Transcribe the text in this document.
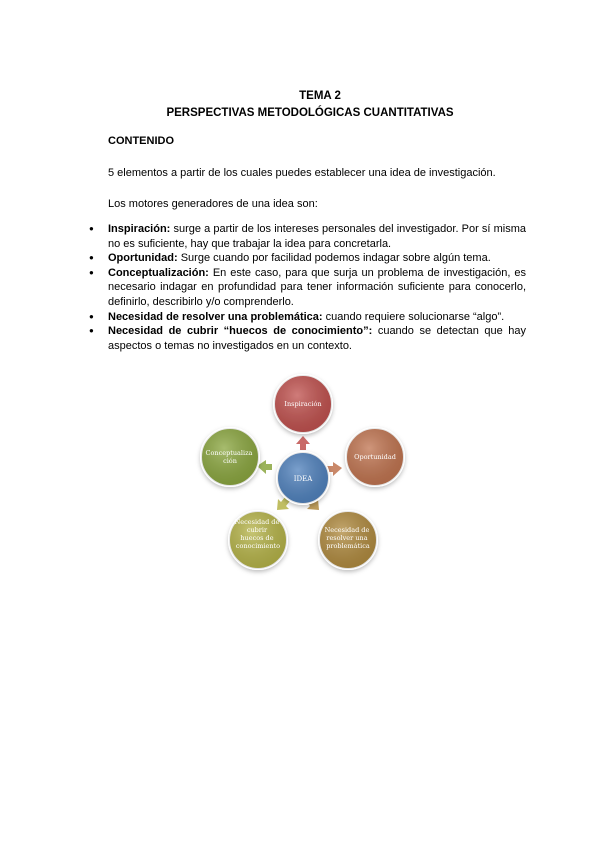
TEMA 2
PERSPECTIVAS METODOLÓGICAS CUANTITATIVAS
CONTENIDO
5 elementos a partir de los cuales puedes establecer una idea de investigación.
Los motores generadores de una idea son:
● Inspiración: surge a partir de los intereses personales del investigador. Por sí misma no es suficiente, hay que trabajar la idea para concretarla.
● Oportunidad: Surge cuando por facilidad podemos indagar sobre algún tema.
● Conceptualización: En este caso, para que surja un problema de investigación, es necesario indagar en profundidad para tener información suficiente para conocerlo, definirlo, describirlo y/o comprenderlo.
● Necesidad de resolver una problemática: cuando requiere solucionarse “algo”.
● Necesidad de cubrir “huecos de conocimiento”: cuando se detectan que hay aspectos o temas no investigados en un contexto.
Inspiración
Oportunidad
Necesidad de resolver una problemática
Necesidad de cubrir huecos de conocimiento
Conceptualiza ción
IDEA
